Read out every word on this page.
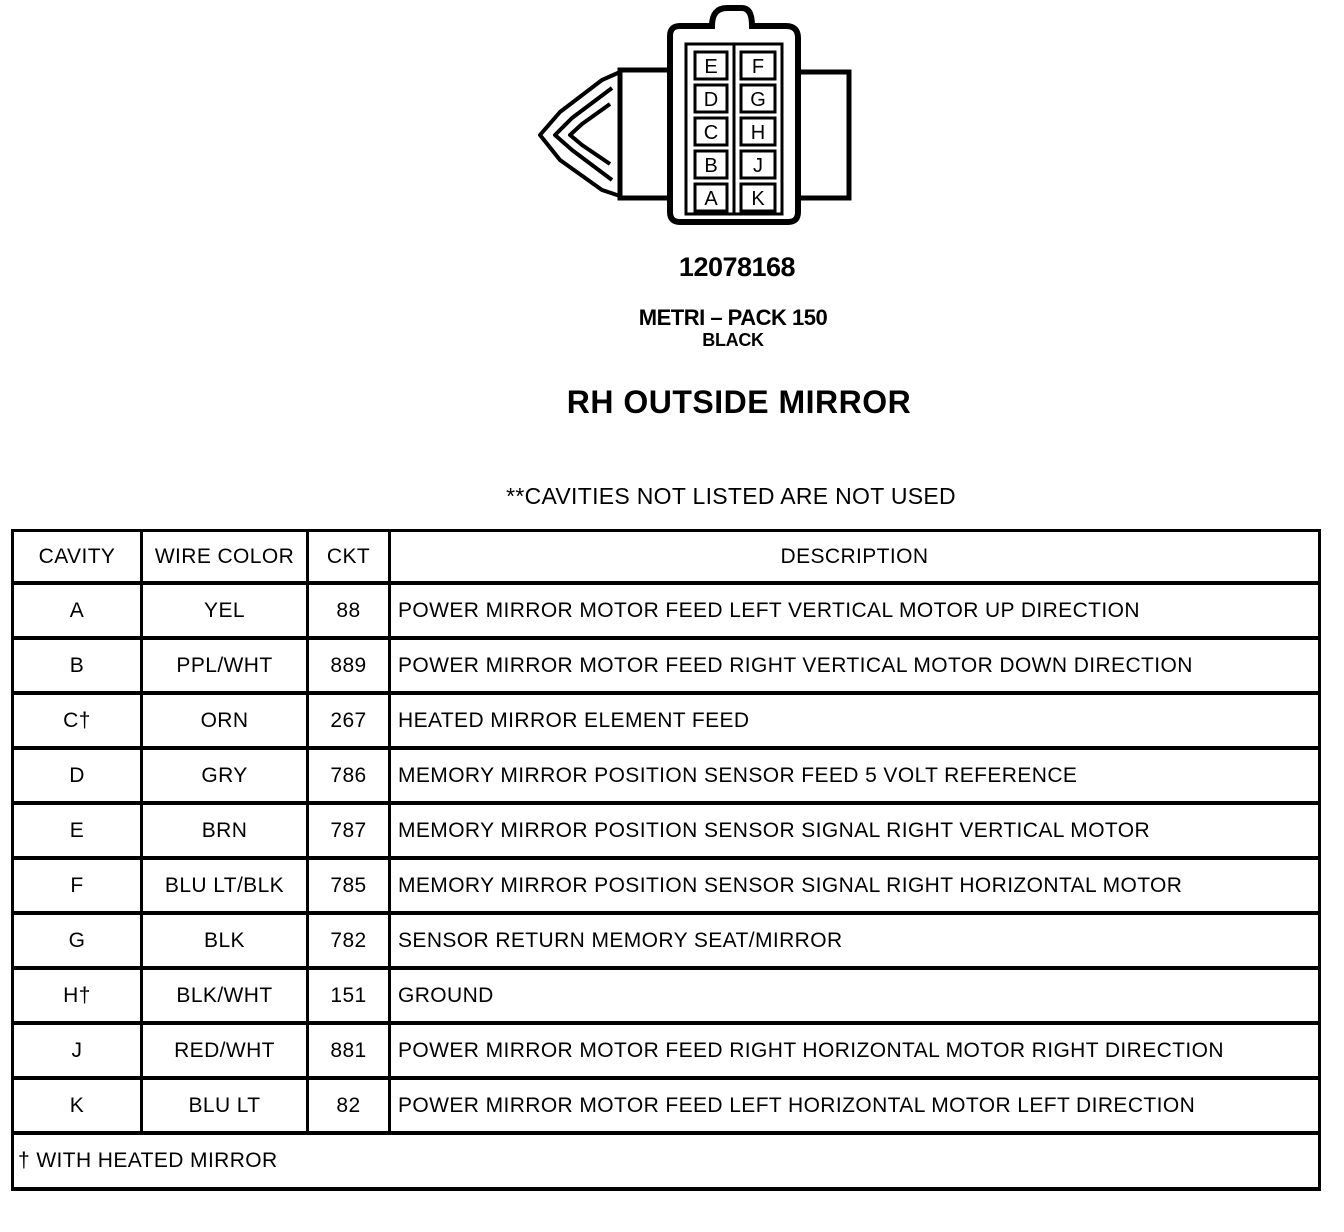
E
D
C
B
A
F
G
H
J
K
12078168
METRI – PACK 150
BLACK
RH OUTSIDE MIRROR
**CAVITIES NOT LISTED ARE NOT USED
CAVITY	WIRE COLOR	CKT	DESCRIPTION
A	YEL	88	POWER MIRROR MOTOR FEED LEFT VERTICAL MOTOR UP DIRECTION
B	PPL/WHT	889	POWER MIRROR MOTOR FEED RIGHT VERTICAL MOTOR DOWN DIRECTION
C†	ORN	267	HEATED MIRROR ELEMENT FEED
D	GRY	786	MEMORY MIRROR POSITION SENSOR FEED 5 VOLT REFERENCE
E	BRN	787	MEMORY MIRROR POSITION SENSOR SIGNAL RIGHT VERTICAL MOTOR
F	BLU LT/BLK	785	MEMORY MIRROR POSITION SENSOR SIGNAL RIGHT HORIZONTAL MOTOR
G	BLK	782	SENSOR RETURN MEMORY SEAT/MIRROR
H†	BLK/WHT	151	GROUND
J	RED/WHT	881	POWER MIRROR MOTOR FEED RIGHT HORIZONTAL MOTOR RIGHT DIRECTION
K	BLU LT	82	POWER MIRROR MOTOR FEED LEFT HORIZONTAL MOTOR LEFT DIRECTION
† WITH HEATED MIRROR			
